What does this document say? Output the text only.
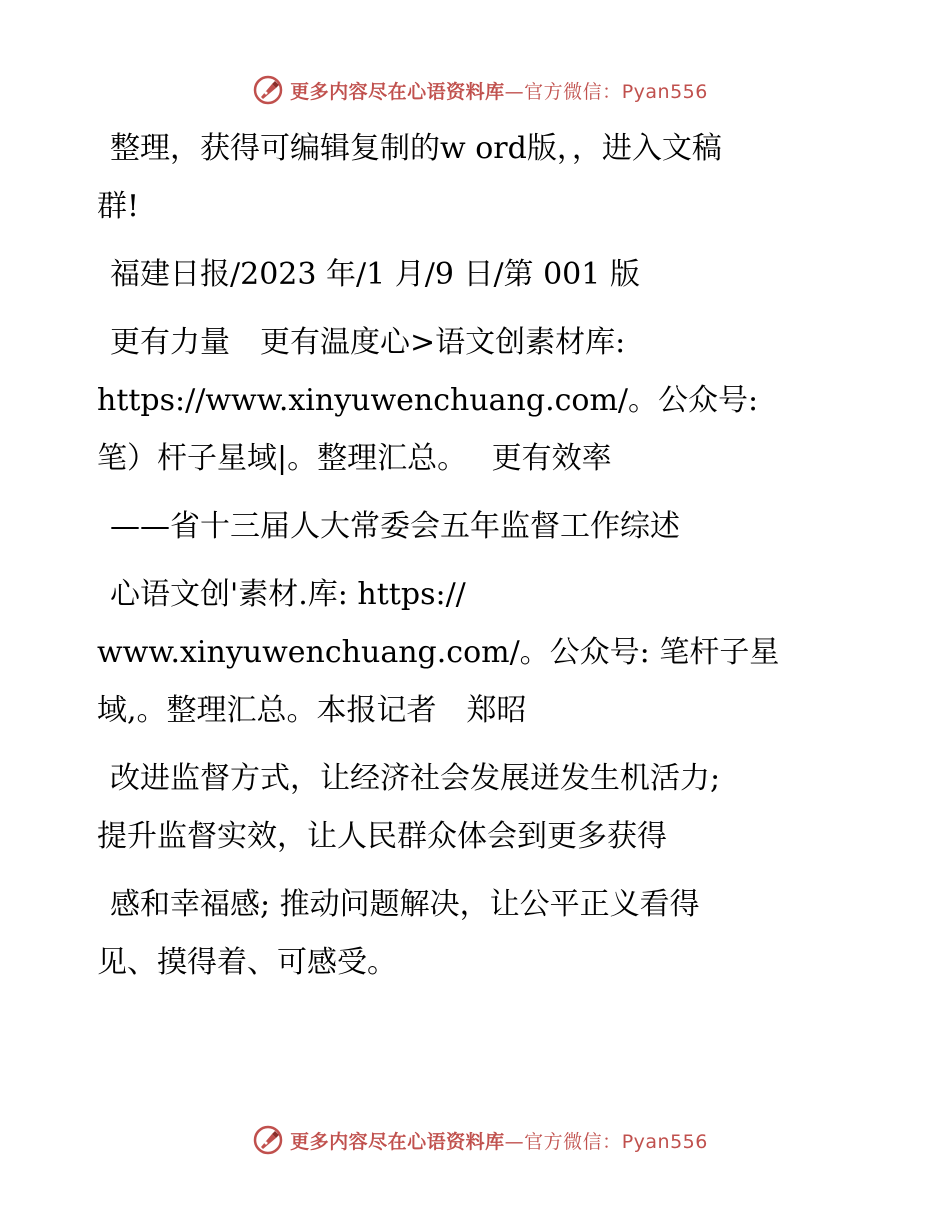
更多内容尽在心语资料库—官方微信：Pyan556

整理，获得可编辑复制的w ord版，，进入文稿
群!

福建日报/2023 年/1 月/9 日/第 001 版

更有力量　更有温度心>语文创素材库:
https://www.xinyuwenchuang.com/。公众号:
笔）杆子星域|。整理汇总。　 更有效率

——省十三届人大常委会五年监督工作综述

心语文创'素材.库: https://
www.xinyuwenchuang.com/。公众号: 笔杆子星
域,。整理汇总。本报记者　郑昭

改进监督方式，让经济社会发展迸发生机活力;
提升监督实效，让人民群众体会到更多获得

感和幸福感; 推动问题解决，让公平正义看得
见、摸得着、可感受。

更多内容尽在心语资料库—官方微信：Pyan556
